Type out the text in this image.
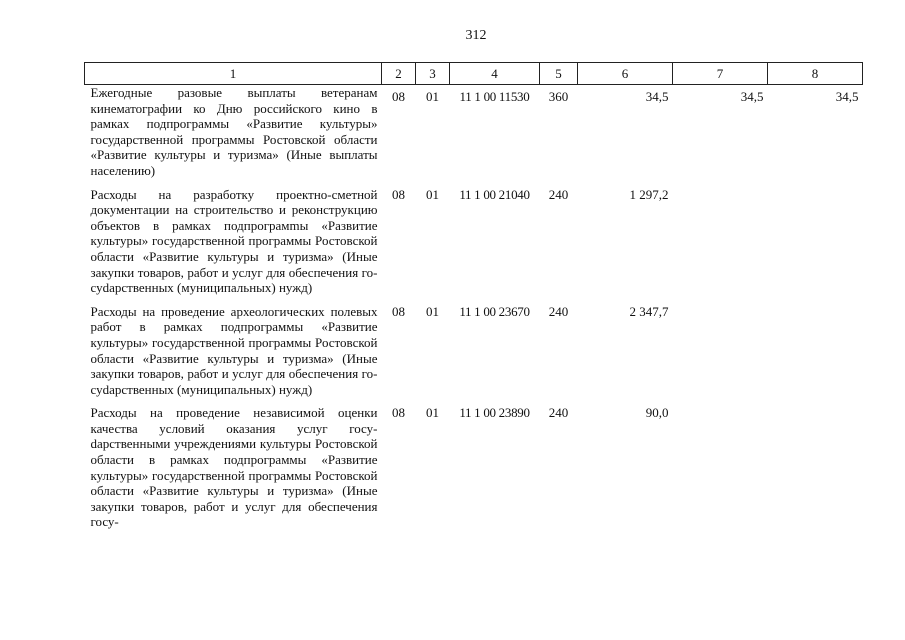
312
1	2	3	4	5	6	7	8
Ежегодные разовые выплаты ветеранам кинематографии ко Дню российского кино в рамках подпрограммы «Развитие культуры» государственной программы Ростовской области «Развитие культуры и туризма» (Иные выплаты населению)	08	01	11 1 00 11530	360	34,5	34,5	34,5
Расходы на разработку проектно-сметной документации на строительство и реконструкцию объектов в рамках подпрограмmы «Развитие культуры» государственной программы Ростовской области «Развитие культуры и туризма» (Иные закупки товаров, работ и услуг для обеспечения госуdарственных (муниципальных) нужд)	08	01	11 1 00 21040	240	1 297,2		
Расходы на проведение археологических полевых работ в рамках подпрограммы «Развитие культуры» государственной программы Ростовской области «Развитие культуры и туризма» (Иные закупки товаров, работ и услуг для обеспечения госуdарственных (муниципальных) нужд)	08	01	11 1 00 23670	240	2 347,7		
Расходы на проведение независимой оценки качества условий оказания услуг госуdарственными учреждениями культуры Ростовской области в рамках подпрограммы «Развитие культуры» государственной программы Ростовской области «Развитие культуры и туризма» (Иные закупки товаров, работ и услуг для обеспечения госу-	08	01	11 1 00 23890	240	90,0		
